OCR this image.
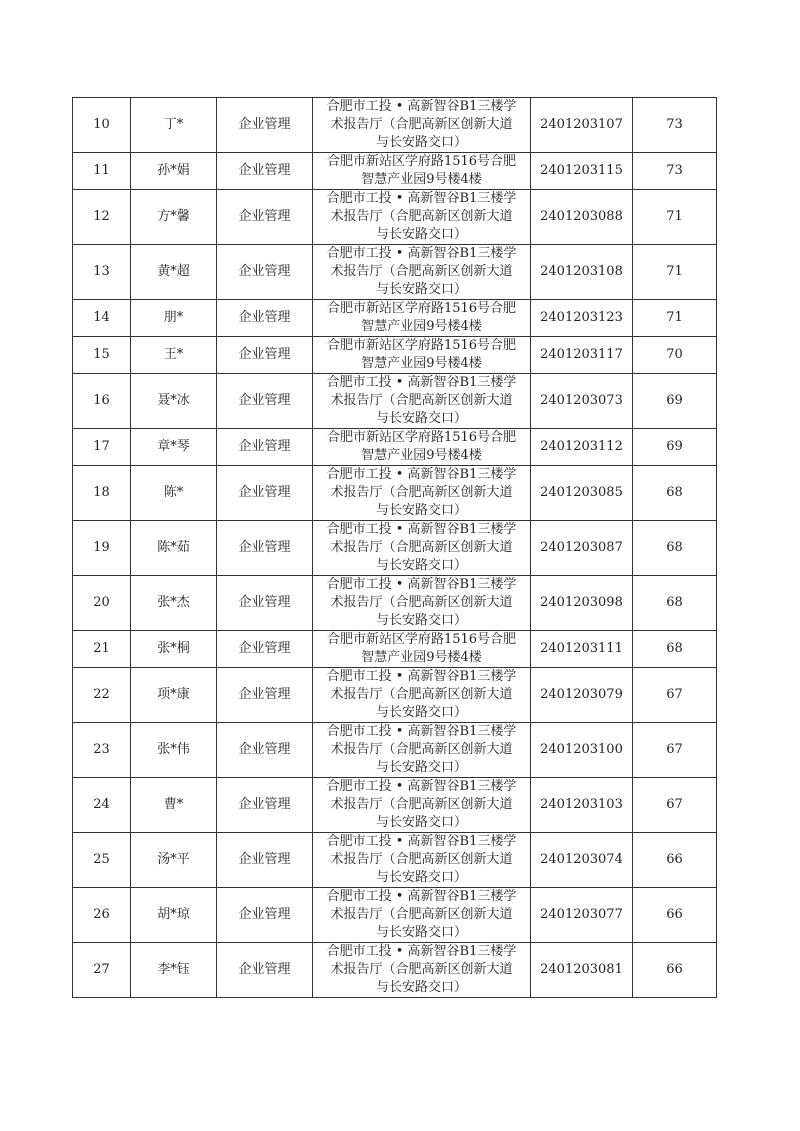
10	丁*	企业管理	合肥市工投 • 高新智谷B1三楼学
术报告厅（合肥高新区创新大道
与长安路交口）	2401203107	73
11	孙*娟	企业管理	合肥市新站区学府路1516号合肥
智慧产业园9号楼4楼	2401203115	73
12	方*馨	企业管理	合肥市工投 • 高新智谷B1三楼学
术报告厅（合肥高新区创新大道
与长安路交口）	2401203088	71
13	黄*超	企业管理	合肥市工投 • 高新智谷B1三楼学
术报告厅（合肥高新区创新大道
与长安路交口）	2401203108	71
14	朋*	企业管理	合肥市新站区学府路1516号合肥
智慧产业园9号楼4楼	2401203123	71
15	王*	企业管理	合肥市新站区学府路1516号合肥
智慧产业园9号楼4楼	2401203117	70
16	聂*冰	企业管理	合肥市工投 • 高新智谷B1三楼学
术报告厅（合肥高新区创新大道
与长安路交口）	2401203073	69
17	章*琴	企业管理	合肥市新站区学府路1516号合肥
智慧产业园9号楼4楼	2401203112	69
18	陈*	企业管理	合肥市工投 • 高新智谷B1三楼学
术报告厅（合肥高新区创新大道
与长安路交口）	2401203085	68
19	陈*茹	企业管理	合肥市工投 • 高新智谷B1三楼学
术报告厅（合肥高新区创新大道
与长安路交口）	2401203087	68
20	张*杰	企业管理	合肥市工投 • 高新智谷B1三楼学
术报告厅（合肥高新区创新大道
与长安路交口）	2401203098	68
21	张*桐	企业管理	合肥市新站区学府路1516号合肥
智慧产业园9号楼4楼	2401203111	68
22	项*康	企业管理	合肥市工投 • 高新智谷B1三楼学
术报告厅（合肥高新区创新大道
与长安路交口）	2401203079	67
23	张*伟	企业管理	合肥市工投 • 高新智谷B1三楼学
术报告厅（合肥高新区创新大道
与长安路交口）	2401203100	67
24	曹*	企业管理	合肥市工投 • 高新智谷B1三楼学
术报告厅（合肥高新区创新大道
与长安路交口）	2401203103	67
25	汤*平	企业管理	合肥市工投 • 高新智谷B1三楼学
术报告厅（合肥高新区创新大道
与长安路交口）	2401203074	66
26	胡*琼	企业管理	合肥市工投 • 高新智谷B1三楼学
术报告厅（合肥高新区创新大道
与长安路交口）	2401203077	66
27	李*钰	企业管理	合肥市工投 • 高新智谷B1三楼学
术报告厅（合肥高新区创新大道
与长安路交口）	2401203081	66
